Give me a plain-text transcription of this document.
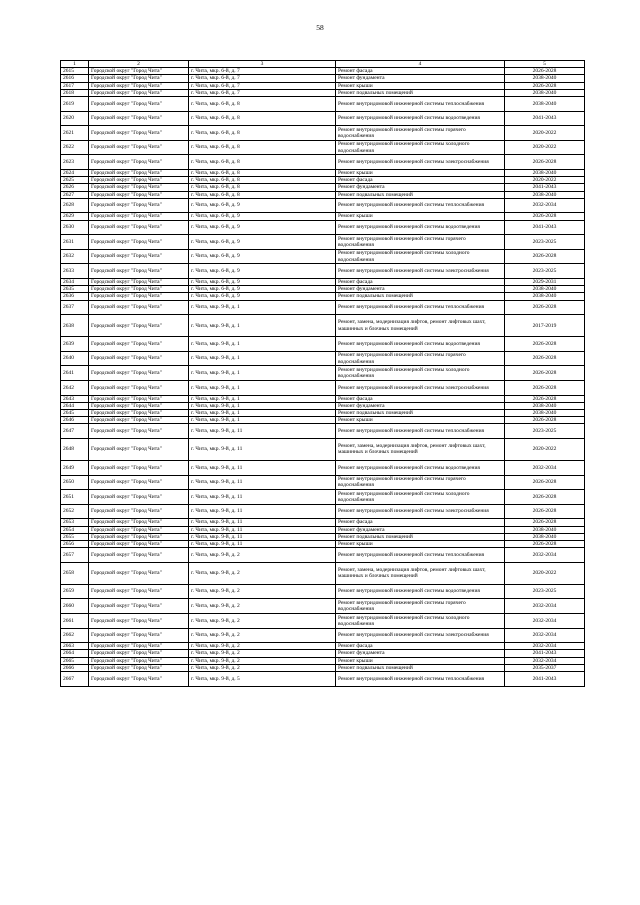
58
1	2	3	4	5
2615	Городской округ "Город Чита"	г. Чита, мкр. 6-й, д. 7	Ремонт фасада	2026-2028
2616	Городской округ "Город Чита"	г. Чита, мкр. 6-й, д. 7	Ремонт фундамента	2038-2040
2617	Городской округ "Город Чита"	г. Чита, мкр. 6-й, д. 7	Ремонт крыши	2026-2028
2618	Городской округ "Город Чита"	г. Чита, мкр. 6-й, д. 7	Ремонт подвальных помещений	2038-2040
2619	Городской округ "Город Чита"	г. Чита, мкр. 6-й, д. 8	Ремонт внутридомовой инженерной системы теплоснабжения	2038-2040
2620	Городской округ "Город Чита"	г. Чита, мкр. 6-й, д. 8	Ремонт внутридомовой инженерной системы водоотведения	2041-2043
2621	Городской округ "Город Чита"	г. Чита, мкр. 6-й, д. 8	Ремонт внутридомовой инженерной системы горячего водоснабжения	2020-2022
2622	Городской округ "Город Чита"	г. Чита, мкр. 6-й, д. 8	Ремонт внутридомовой инженерной системы холодного водоснабжения	2020-2022
2623	Городской округ "Город Чита"	г. Чита, мкр. 6-й, д. 8	Ремонт внутридомовой инженерной системы электроснабжения	2026-2028
2624	Городской округ "Город Чита"	г. Чита, мкр. 6-й, д. 8	Ремонт крыши	2038-2040
2625	Городской округ "Город Чита"	г. Чита, мкр. 6-й, д. 8	Ремонт фасада	2020-2022
2626	Городской округ "Город Чита"	г. Чита, мкр. 6-й, д. 8	Ремонт фундамента	2041-2043
2627	Городской округ "Город Чита"	г. Чита, мкр. 6-й, д. 8	Ремонт подвальных помещений	2038-2040
2628	Городской округ "Город Чита"	г. Чита, мкр. 6-й, д. 9	Ремонт внутридомовой инженерной системы теплоснабжения	2032-2034
2629	Городской округ "Город Чита"	г. Чита, мкр. 6-й, д. 9	Ремонт крыши	2026-2028
2630	Городской округ "Город Чита"	г. Чита, мкр. 6-й, д. 9	Ремонт внутридомовой инженерной системы водоотведения	2041-2043
2631	Городской округ "Город Чита"	г. Чита, мкр. 6-й, д. 9	Ремонт внутридомовой инженерной системы горячего водоснабжения	2023-2025
2632	Городской округ "Город Чита"	г. Чита, мкр. 6-й, д. 9	Ремонт внутридомовой инженерной системы холодного водоснабжения	2026-2028
2633	Городской округ "Город Чита"	г. Чита, мкр. 6-й, д. 9	Ремонт внутридомовой инженерной системы электроснабжения	2023-2025
2634	Городской округ "Город Чита"	г. Чита, мкр. 6-й, д. 9	Ремонт фасада	2029-2031
2635	Городской округ "Город Чита"	г. Чита, мкр. 6-й, д. 9	Ремонт фундамента	2038-2040
2636	Городской округ "Город Чита"	г. Чита, мкр. 6-й, д. 9	Ремонт подвальных помещений	2038-2040
2637	Городской округ "Город Чита"	г. Чита, мкр. 9-й, д. 1	Ремонт внутридомовой инженерной системы теплоснабжения	2026-2028
2638	Городской округ "Город Чита"	г. Чита, мкр. 9-й, д. 1	Ремонт, замена, модернизация лифтов, ремонт лифтовых шахт, машинных и блочных помещений	2017-2019
2639	Городской округ "Город Чита"	г. Чита, мкр. 9-й, д. 1	Ремонт внутридомовой инженерной системы водоотведения	2026-2028
2640	Городской округ "Город Чита"	г. Чита, мкр. 9-й, д. 1	Ремонт внутридомовой инженерной системы горячего водоснабжения	2026-2028
2641	Городской округ "Город Чита"	г. Чита, мкр. 9-й, д. 1	Ремонт внутридомовой инженерной системы холодного водоснабжения	2026-2028
2642	Городской округ "Город Чита"	г. Чита, мкр. 9-й, д. 1	Ремонт внутридомовой инженерной системы электроснабжения	2026-2028
2643	Городской округ "Город Чита"	г. Чита, мкр. 9-й, д. 1	Ремонт фасада	2026-2028
2644	Городской округ "Город Чита"	г. Чита, мкр. 9-й, д. 1	Ремонт фундамента	2038-2040
2645	Городской округ "Город Чита"	г. Чита, мкр. 9-й, д. 1	Ремонт подвальных помещений	2038-2040
2646	Городской округ "Город Чита"	г. Чита, мкр. 9-й, д. 1	Ремонт крыши	2026-2028
2647	Городской округ "Город Чита"	г. Чита, мкр. 9-й, д. 11	Ремонт внутридомовой инженерной системы теплоснабжения	2023-2025
2648	Городской округ "Город Чита"	г. Чита, мкр. 9-й, д. 11	Ремонт, замена, модернизация лифтов, ремонт лифтовых шахт, машинных и блочных помещений	2020-2022
2649	Городской округ "Город Чита"	г. Чита, мкр. 9-й, д. 11	Ремонт внутридомовой инженерной системы водоотведения	2032-2034
2650	Городской округ "Город Чита"	г. Чита, мкр. 9-й, д. 11	Ремонт внутридомовой инженерной системы горячего водоснабжения	2026-2028
2651	Городской округ "Город Чита"	г. Чита, мкр. 9-й, д. 11	Ремонт внутридомовой инженерной системы холодного водоснабжения	2026-2028
2652	Городской округ "Город Чита"	г. Чита, мкр. 9-й, д. 11	Ремонт внутридомовой инженерной системы электроснабжения	2026-2028
2653	Городской округ "Город Чита"	г. Чита, мкр. 9-й, д. 11	Ремонт фасада	2026-2028
2654	Городской округ "Город Чита"	г. Чита, мкр. 9-й, д. 11	Ремонт фундамента	2038-2040
2655	Городской округ "Город Чита"	г. Чита, мкр. 9-й, д. 11	Ремонт подвальных помещений	2038-2040
2656	Городской округ "Город Чита"	г. Чита, мкр. 9-й, д. 11	Ремонт крыши	2026-2028
2657	Городской округ "Город Чита"	г. Чита, мкр. 9-й, д. 2	Ремонт внутридомовой инженерной системы теплоснабжения	2032-2034
2658	Городской округ "Город Чита"	г. Чита, мкр. 9-й, д. 2	Ремонт, замена, модернизация лифтов, ремонт лифтовых шахт, машинных и блочных помещений	2020-2022
2659	Городской округ "Город Чита"	г. Чита, мкр. 9-й, д. 2	Ремонт внутридомовой инженерной системы водоотведения	2023-2025
2660	Городской округ "Город Чита"	г. Чита, мкр. 9-й, д. 2	Ремонт внутридомовой инженерной системы горячего водоснабжения	2032-2034
2661	Городской округ "Город Чита"	г. Чита, мкр. 9-й, д. 2	Ремонт внутридомовой инженерной системы холодного водоснабжения	2032-2034
2662	Городской округ "Город Чита"	г. Чита, мкр. 9-й, д. 2	Ремонт внутридомовой инженерной системы электроснабжения	2032-2034
2663	Городской округ "Город Чита"	г. Чита, мкр. 9-й, д. 2	Ремонт фасада	2032-2034
2664	Городской округ "Город Чита"	г. Чита, мкр. 9-й, д. 2	Ремонт фундамента	2041-2043
2665	Городской округ "Город Чита"	г. Чита, мкр. 9-й, д. 2	Ремонт крыши	2032-2034
2666	Городской округ "Город Чита"	г. Чита, мкр. 9-й, д. 2	Ремонт подвальных помещений	2035-2037
2667	Городской округ "Город Чита"	г. Чита, мкр. 9-й, д. 5	Ремонт внутридомовой инженерной системы теплоснабжения	2041-2043
